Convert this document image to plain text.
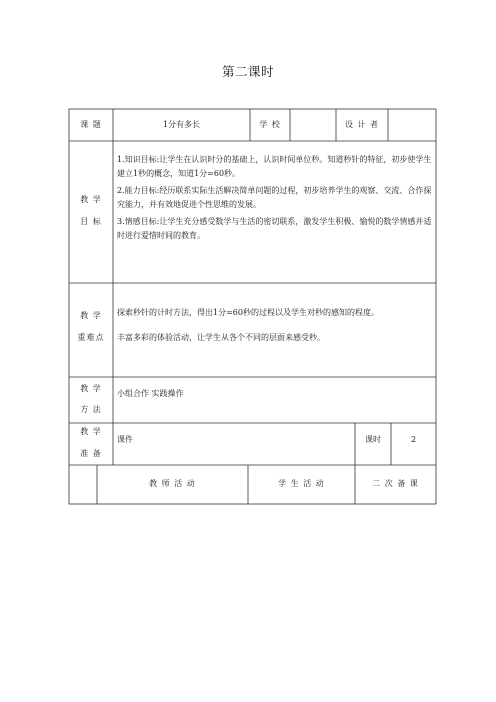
第二课时
课 题	1分有多长	学 校	设 计 者
教 学
目 标

1.知识目标:让学生在认识时分的基础上，认识时间单位秒。知道秒针的特征，初步使学生建立1秒的概念，知道1分=60秒。

2.能力目标:经历联系实际生活解决简单问题的过程，初步培养学生的观察、交流、合作探究能力，并有效地促进个性思维的发展。

3.情感目标:让学生充分感受数学与生活的密切联系，激发学生积极、愉悦的数学情感并适时进行爱惜时间的教育。

教 学
重难点

探索秒针的计时方法，得出1分=60秒的过程以及学生对秒的感知的程度。

丰富多彩的体验活动，让学生从各个不同的层面来感受秒。

教 学
方 法
小组合作 实践操作
教 学
准 备
课件	课时	2
教 师 活 动	学 生 活 动	二 次 备 课
